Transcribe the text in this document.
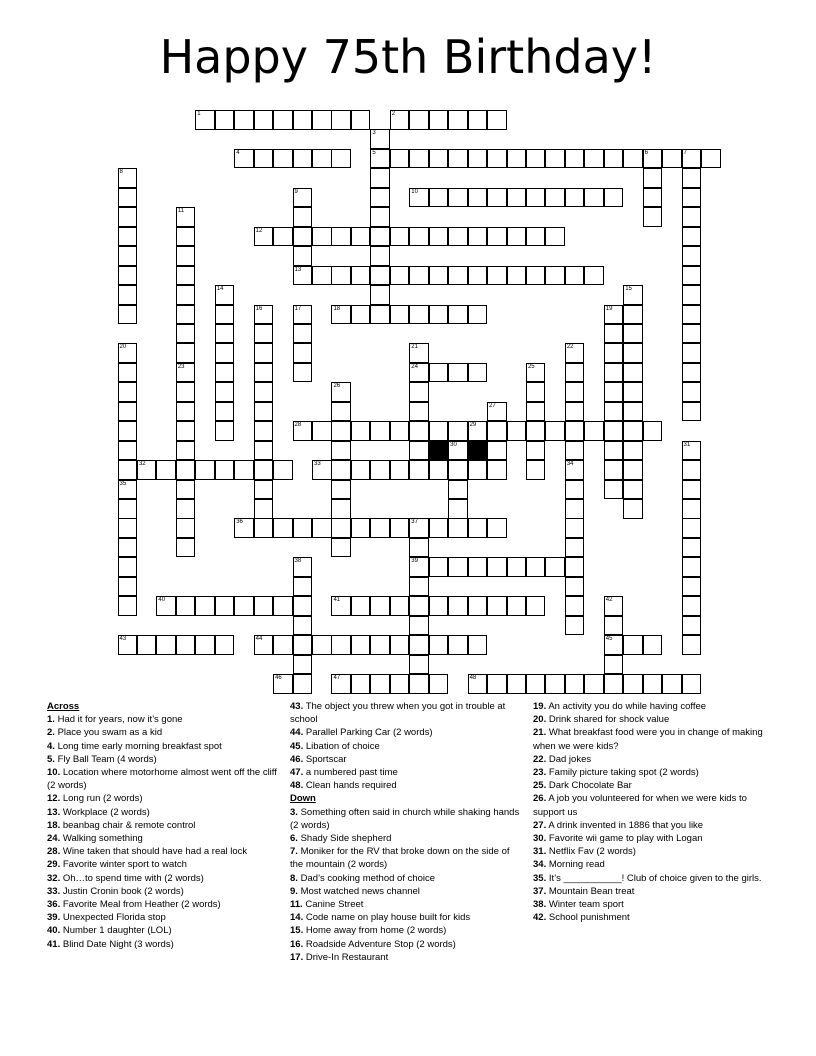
Happy 75th Birthday!
1	2
3
5
4	6	7
8
9	10
11
23
12
13
14	15
16	17	18	19
20
35
21
24
22
34
25
26
27
28	29
31
32	33
30
36	37
39
38
40	41	42
45
43	44
46	47	48

Across

1. Had it for years, now it’s gone

2. Place you swam as a kid

4. Long time early morning breakfast spot

5. Fly Ball Team (4 words)

10. Location where motorhome almost went off the cliff (2 words)

12. Long run (2 words)

13. Workplace (2 words)

18. beanbag chair & remote control

24. Walking something

28. Wine taken that should have had a real lock

29. Favorite winter sport to watch

32. Oh…to spend time with (2 words)

33. Justin Cronin book (2 words)

36. Favorite Meal from Heather (2 words)

39. Unexpected Florida stop

40. Number 1 daughter (LOL)

41. Blind Date Night (3 words)

43. The object you threw when you got in trouble at school

44. Parallel Parking Car (2 words)

45. Libation of choice

46. Sportscar

47. a numbered past time

48. Clean hands required

Down

3. Something often said in church while shaking hands (2 words)

6. Shady Side shepherd

7. Moniker for the RV that broke down on the side of the mountain (2 words)

8. Dad’s cooking method of choice

9. Most watched news channel

11. Canine Street

14. Code name on play house built for kids

15. Home away from home (2 words)

16. Roadside Adventure Stop (2 words)

17. Drive-In Restaurant

19. An activity you do while having coffee

20. Drink shared for shock value

21. What breakfast food were you in change of making when we were kids?

22. Dad jokes

23. Family picture taking spot (2 words)

25. Dark Chocolate Bar

26. A job you volunteered for when we were kids to support us

27. A drink invented in 1886 that you like

30. Favorite wii game to play with Logan

31. Netflix Fav (2 words)

34. Morning read

35. It’s ___________! Club of choice given to the girls.

37. Mountain Bean treat

38. Winter team sport

42. School punishment
